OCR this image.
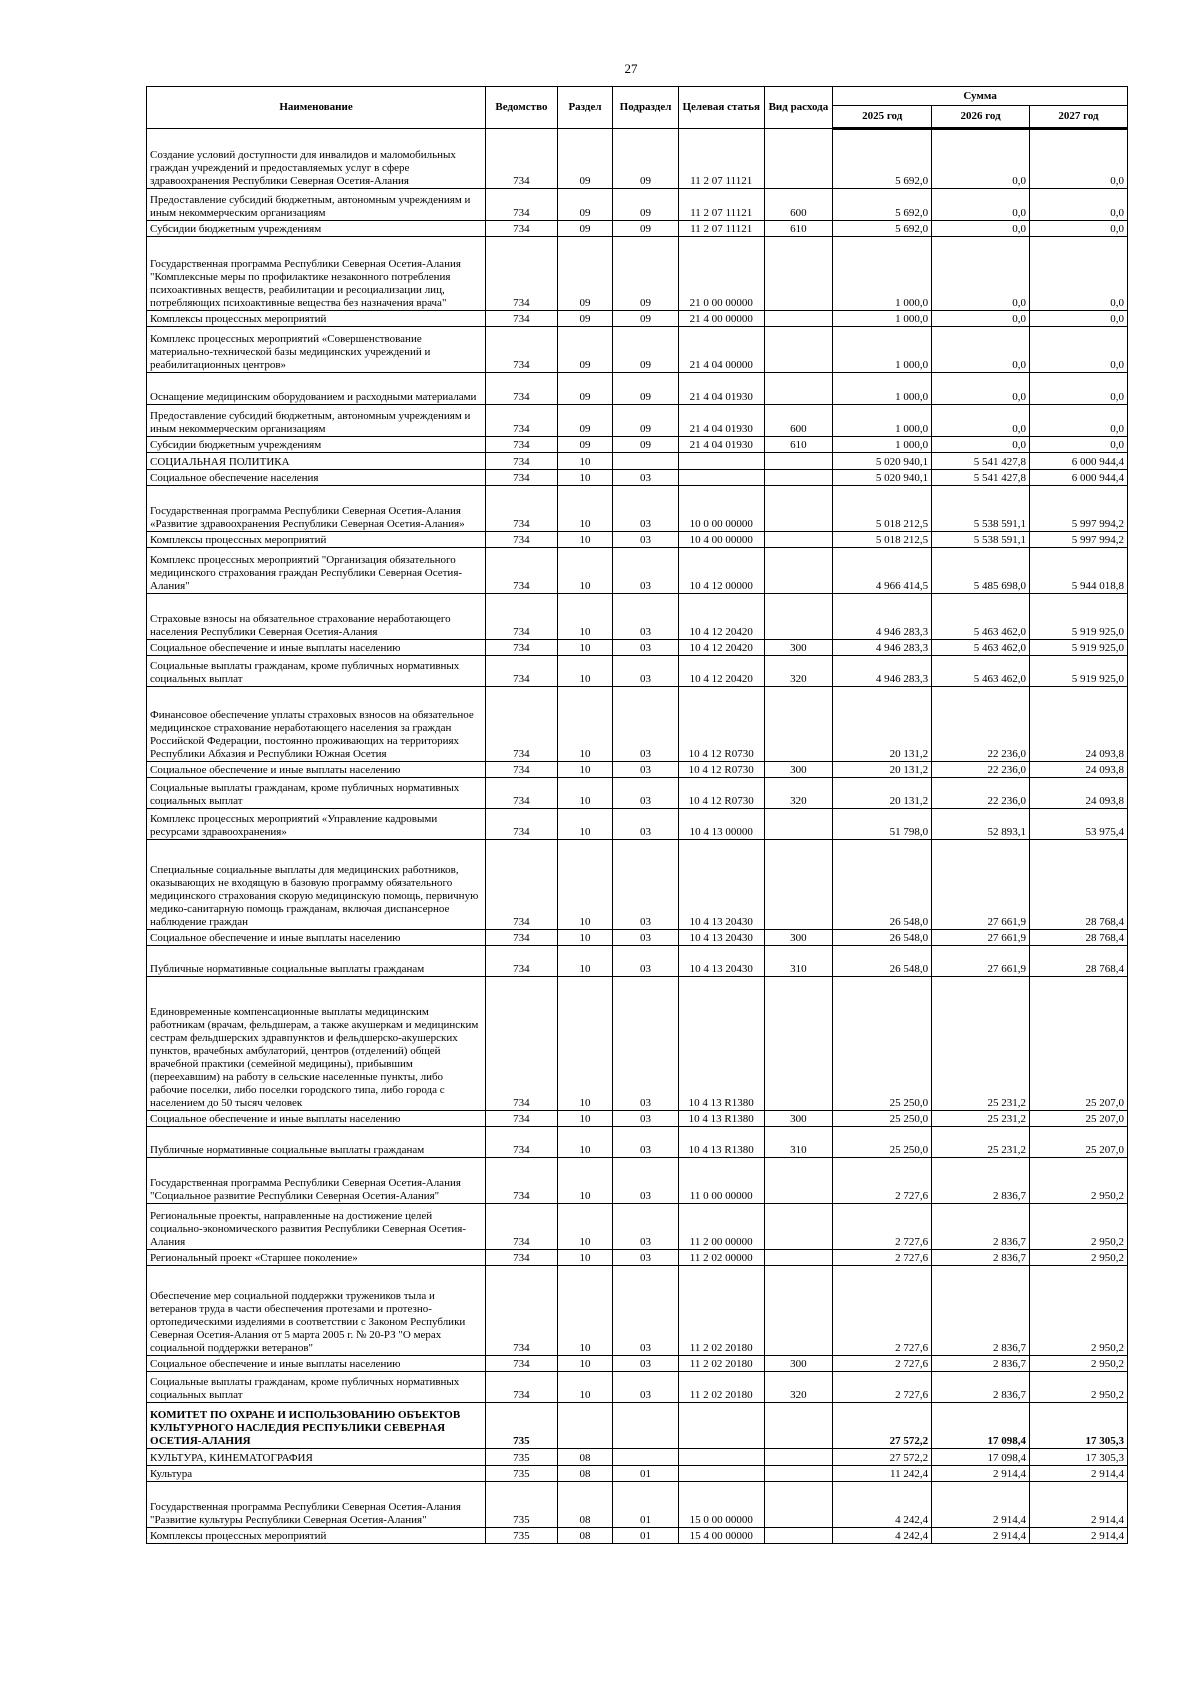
27
Наименование	Ведомство	Раздел	Подраздел	Целевая статья	Вид расхода	Сумма		
						2025 год	2026 год	2027 год
Создание условий доступности для инвалидов и маломобильных граждан учреждений и предоставляемых услуг в сфере здравоохранения Республики Северная Осетия-Алания	734	09	09	11 2 07 11121		5 692,0	0,0	0,0
Предоставление субсидий бюджетным, автономным учреждениям и иным некоммерческим организациям	734	09	09	11 2 07 11121	600	5 692,0	0,0	0,0
Субсидии бюджетным учреждениям	734	09	09	11 2 07 11121	610	5 692,0	0,0	0,0
Государственная программа Республики Северная Осетия-Алания "Комплексные меры по профилактике незаконного потребления психоактивных веществ, реабилитации и ресоциализации лиц, потребляющих психоактивные вещества без назначения врача"	734	09	09	21 0 00 00000		1 000,0	0,0	0,0
Комплексы процессных мероприятий	734	09	09	21 4 00 00000		1 000,0	0,0	0,0
Комплекс процессных мероприятий «Совершенствование материально-технической базы медицинских учреждений и реабилитационных центров»	734	09	09	21 4 04 00000		1 000,0	0,0	0,0
Оснащение медицинским оборудованием и расходными материалами	734	09	09	21 4 04 01930		1 000,0	0,0	0,0
Предоставление субсидий бюджетным, автономным учреждениям и иным некоммерческим организациям	734	09	09	21 4 04 01930	600	1 000,0	0,0	0,0
Субсидии бюджетным учреждениям	734	09	09	21 4 04 01930	610	1 000,0	0,0	0,0
СОЦИАЛЬНАЯ ПОЛИТИКА	734	10				5 020 940,1	5 541 427,8	6 000 944,4
Социальное обеспечение населения	734	10	03			5 020 940,1	5 541 427,8	6 000 944,4
Государственная программа Республики Северная Осетия-Алания «Развитие здравоохранения Республики Северная Осетия-Алания»	734	10	03	10 0 00 00000		5 018 212,5	5 538 591,1	5 997 994,2
Комплексы процессных мероприятий	734	10	03	10 4 00 00000		5 018 212,5	5 538 591,1	5 997 994,2
Комплекс процессных мероприятий "Организация обязательного медицинского страхования граждан Республики Северная Осетия-Алания"	734	10	03	10 4 12 00000		4 966 414,5	5 485 698,0	5 944 018,8
Страховые взносы на обязательное страхование неработающего населения Республики Северная Осетия-Алания	734	10	03	10 4 12 20420		4 946 283,3	5 463 462,0	5 919 925,0
Социальное обеспечение и иные выплаты населению	734	10	03	10 4 12 20420	300	4 946 283,3	5 463 462,0	5 919 925,0
Социальные выплаты гражданам, кроме публичных нормативных социальных выплат	734	10	03	10 4 12 20420	320	4 946 283,3	5 463 462,0	5 919 925,0
Финансовое обеспечение уплаты страховых взносов на обязательное медицинское страхование неработающего населения за граждан Российской Федерации, постоянно проживающих на территориях Республики Абхазия и Республики Южная Осетия	734	10	03	10 4 12 R0730		20 131,2	22 236,0	24 093,8
Социальное обеспечение и иные выплаты населению	734	10	03	10 4 12 R0730	300	20 131,2	22 236,0	24 093,8
Социальные выплаты гражданам, кроме публичных нормативных социальных выплат	734	10	03	10 4 12 R0730	320	20 131,2	22 236,0	24 093,8
Комплекс процессных мероприятий «Управление кадровыми ресурсами здравоохранения»	734	10	03	10 4 13 00000		51 798,0	52 893,1	53 975,4
Специальные социальные выплаты для медицинских работников, оказывающих не входящую в базовую программу обязательного медицинского страхования скорую медицинскую помощь, первичную медико-санитарную помощь гражданам, включая диспансерное наблюдение граждан	734	10	03	10 4 13 20430		26 548,0	27 661,9	28 768,4
Социальное обеспечение и иные выплаты населению	734	10	03	10 4 13 20430	300	26 548,0	27 661,9	28 768,4
Публичные нормативные социальные выплаты гражданам	734	10	03	10 4 13 20430	310	26 548,0	27 661,9	28 768,4
Единовременные компенсационные выплаты медицинским работникам (врачам, фельдшерам, а также акушеркам и медицинским сестрам фельдшерских здравпунктов и фельдшерско-акушерских пунктов, врачебных амбулаторий, центров (отделений) общей врачебной практики (семейной медицины), прибывшим (переехавшим) на работу в сельские населенные пункты, либо рабочие поселки, либо поселки городского типа, либо города с населением до 50 тысяч человек	734	10	03	10 4 13 R1380		25 250,0	25 231,2	25 207,0
Социальное обеспечение и иные выплаты населению	734	10	03	10 4 13 R1380	300	25 250,0	25 231,2	25 207,0
Публичные нормативные социальные выплаты гражданам	734	10	03	10 4 13 R1380	310	25 250,0	25 231,2	25 207,0
Государственная программа Республики Северная Осетия-Алания "Социальное развитие Республики Северная Осетия-Алания"	734	10	03	11 0 00 00000		2 727,6	2 836,7	2 950,2
Региональные проекты, направленные на достижение целей социально-экономического развития Республики Северная Осетия-Алания	734	10	03	11 2 00 00000		2 727,6	2 836,7	2 950,2
Региональный проект «Старшее поколение»	734	10	03	11 2 02 00000		2 727,6	2 836,7	2 950,2
Обеспечение мер социальной поддержки тружеников тыла и ветеранов труда в части обеспечения протезами и протезно-ортопедическими изделиями в соответствии с Законом Республики Северная Осетия-Алания от 5 марта 2005 г. № 20-РЗ "О мерах социальной поддержки ветеранов"	734	10	03	11 2 02 20180		2 727,6	2 836,7	2 950,2
Социальное обеспечение и иные выплаты населению	734	10	03	11 2 02 20180	300	2 727,6	2 836,7	2 950,2
Социальные выплаты гражданам, кроме публичных нормативных социальных выплат	734	10	03	11 2 02 20180	320	2 727,6	2 836,7	2 950,2
КОМИТЕТ ПО ОХРАНЕ И ИСПОЛЬЗОВАНИЮ ОБЪЕКТОВ КУЛЬТУРНОГО НАСЛЕДИЯ РЕСПУБЛИКИ СЕВЕРНАЯ ОСЕТИЯ-АЛАНИЯ	735					27 572,2	17 098,4	17 305,3
КУЛЬТУРА, КИНЕМАТОГРАФИЯ	735	08				27 572,2	17 098,4	17 305,3
Культура	735	08	01			11 242,4	2 914,4	2 914,4
Государственная программа Республики Северная Осетия-Алания "Развитие культуры Республики Северная Осетия-Алания"	735	08	01	15 0 00 00000		4 242,4	2 914,4	2 914,4
Комплексы процессных мероприятий	735	08	01	15 4 00 00000		4 242,4	2 914,4	2 914,4
